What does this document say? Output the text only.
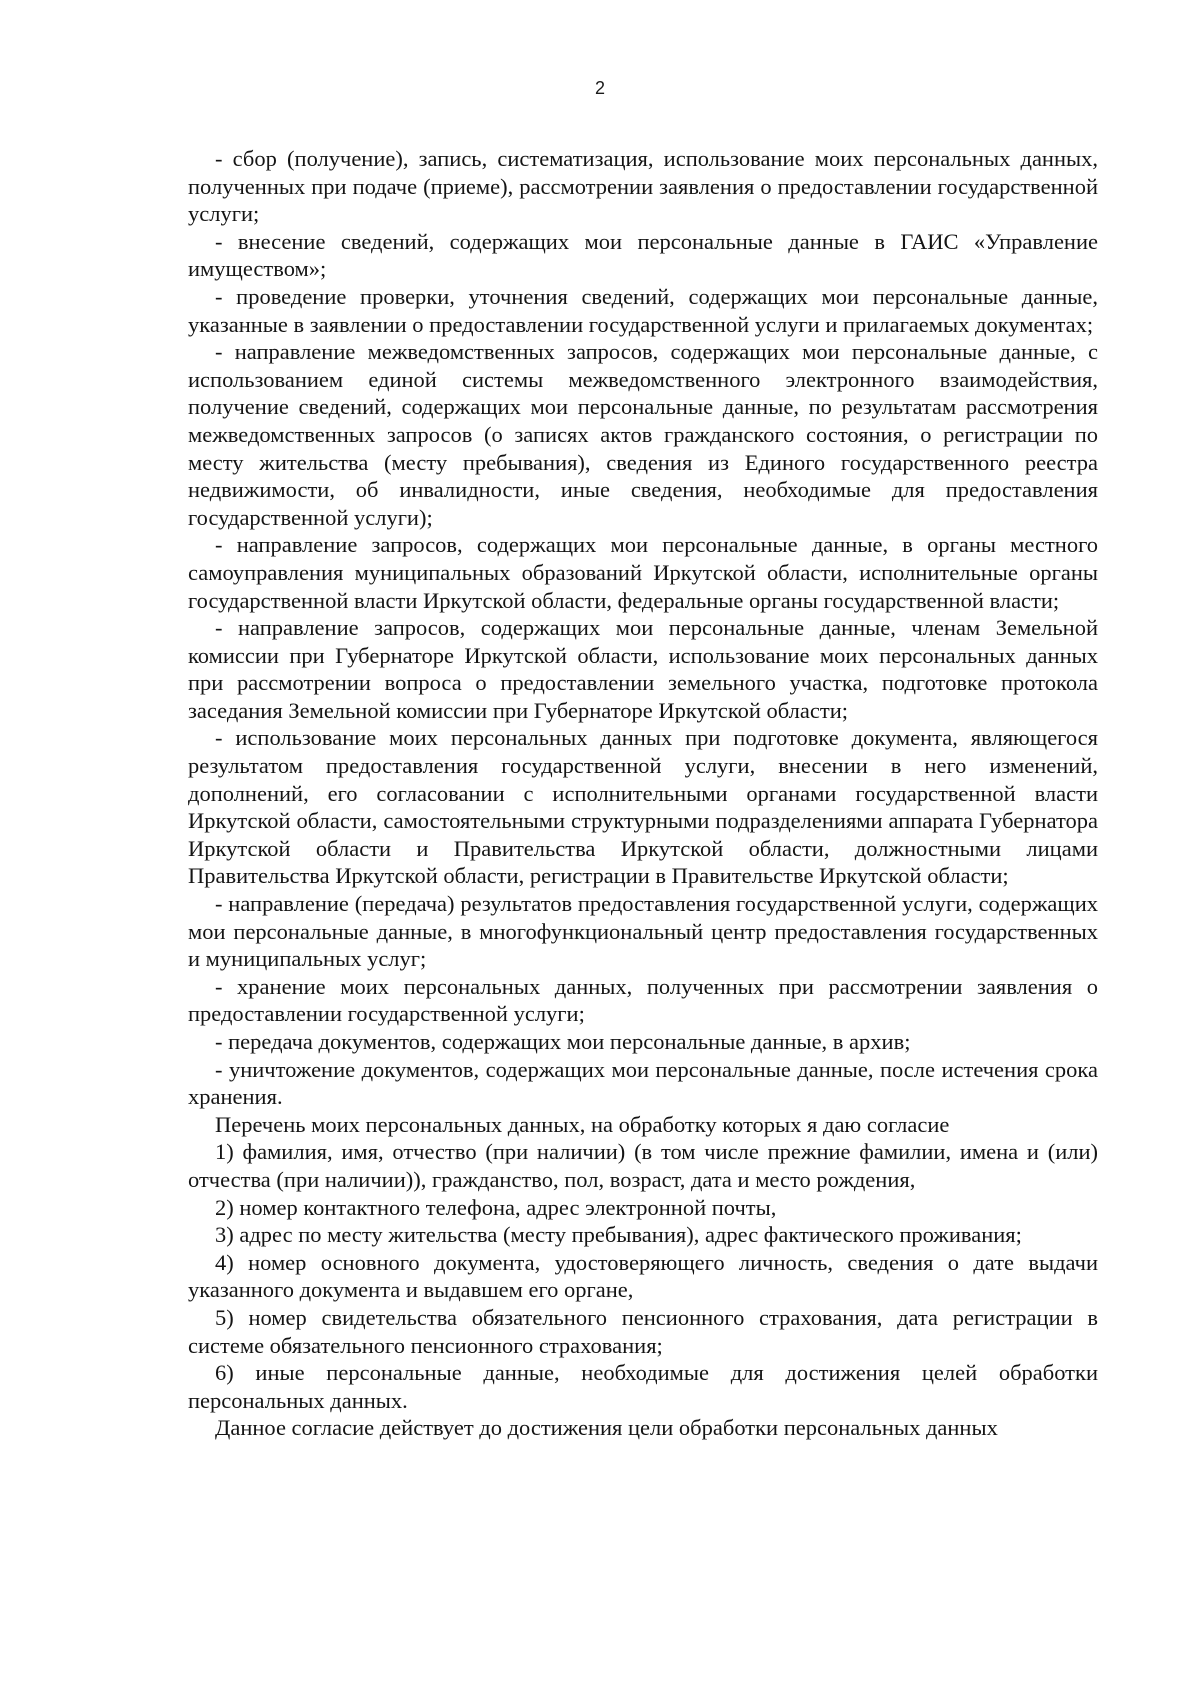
2

- сбор (получение), запись, систематизация, использование моих персональных данных, полученных при подаче (приеме), рассмотрении заявления о предоставлении государственной услуги;

- внесение сведений, содержащих мои персональные данные в ГАИС «Управление имуществом»;

- проведение проверки, уточнения сведений, содержащих мои персональные данные, указанные в заявлении о предоставлении государственной услуги и прилагаемых документах;

- направление межведомственных запросов, содержащих мои персональные данные, с использованием единой системы межведомственного электронного взаимодействия, получение сведений, содержащих мои персональные данные, по результатам рассмотрения межведомственных запросов (о записях актов гражданского состояния, о регистрации по месту жительства (месту пребывания), сведения из Единого государственного реестра недвижимости, об инвалидности, иные сведения, необходимые для предоставления государственной услуги);

- направление запросов, содержащих мои персональные данные, в органы местного самоуправления муниципальных образований Иркутской области, исполнительные органы государственной власти Иркутской области, федеральные органы государственной власти;

- направление запросов, содержащих мои персональные данные, членам Земельной комиссии при Губернаторе Иркутской области, использование моих персональных данных при рассмотрении вопроса о предоставлении земельного участка, подготовке протокола заседания Земельной комиссии при Губернаторе Иркутской области;

- использование моих персональных данных при подготовке документа, являющегося результатом предоставления государственной услуги, внесении в него изменений, дополнений, его согласовании с исполнительными органами государственной власти Иркутской области, самостоятельными структурными подразделениями аппарата Губернатора Иркутской области и Правительства Иркутской области, должностными лицами Правительства Иркутской области, регистрации в Правительстве Иркутской области;

- направление (передача) результатов предоставления государственной услуги, содержащих мои персональные данные, в многофункциональный центр предоставления государственных и муниципальных услуг;

- хранение моих персональных данных, полученных при рассмотрении заявления о предоставлении государственной услуги;

- передача документов, содержащих мои персональные данные, в архив;

- уничтожение документов, содержащих мои персональные данные, после истечения срока хранения.

Перечень моих персональных данных, на обработку которых я даю согласие

1) фамилия, имя, отчество (при наличии) (в том числе прежние фамилии, имена и (или) отчества (при наличии)), гражданство, пол, возраст, дата и место рождения,

2) номер контактного телефона, адрес электронной почты,

3) адрес по месту жительства (месту пребывания), адрес фактического проживания;

4) номер основного документа, удостоверяющего личность, сведения о дате выдачи указанного документа и выдавшем его органе,

5) номер свидетельства обязательного пенсионного страхования, дата регистрации в системе обязательного пенсионного страхования;

6) иные персональные данные, необходимые для достижения целей обработки персональных данных.

Данное согласие действует до достижения цели обработки персональных данных
